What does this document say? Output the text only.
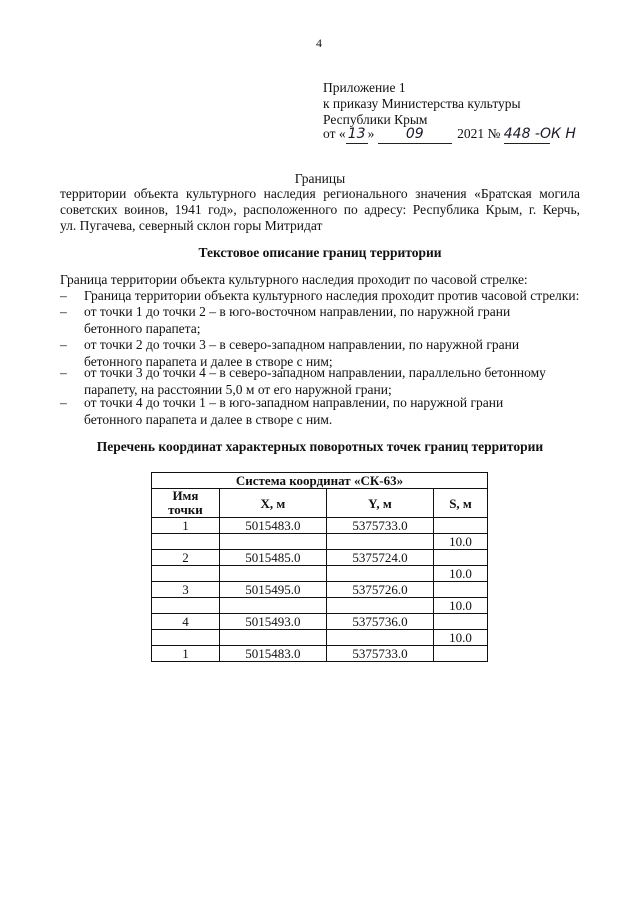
4
Приложение 1
к приказу Министерства культуры
Республики Крым
от « 13 » 09 2021 № 448 -ОК Н
Границы
территории объекта культурного наследия регионального значения «Братская могила
советских воинов, 1941 год», расположенного по адресу: Республика Крым, г. Керчь,
ул. Пугачева, северный склон горы Митридат
Текстовое описание границ территории
Граница территории объекта культурного наследия проходит по часовой стрелке:
– Граница территории объекта культурного наследия проходит против часовой стрелки:
– от точки 1 до точки 2 – в юго-восточном направлении, по наружной грани бетонного парапета;
– от точки 2 до точки 3 – в северо-западном направлении, по наружной грани бетонного парапета и далее в створе с ним;
– от точки 3 до точки 4 – в северо-западном направлении, параллельно бетонному парапету, на расстоянии 5,0 м от его наружной грани;
– от точки 4 до точки 1 – в юго-западном направлении, по наружной грани бетонного парапета и далее в створе с ним.
Перечень координат характерных поворотных точек границ территории
Система координат «СК-63»			
Имя точки	X, м	Y, м	S, м
1	5015483.0	5375733.0	
			10.0
2	5015485.0	5375724.0	
			10.0
3	5015495.0	5375726.0	
			10.0
4	5015493.0	5375736.0	
			10.0
1	5015483.0	5375733.0	
